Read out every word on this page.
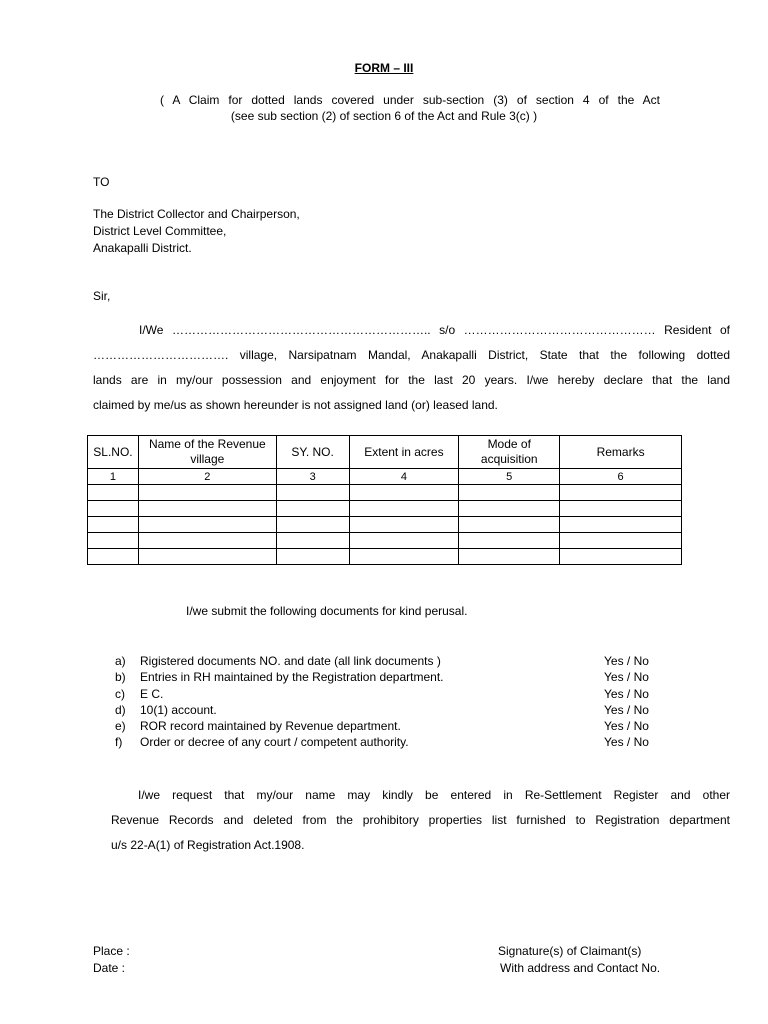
FORM – III
( A Claim for dotted lands covered under sub-section (3) of section 4 of the Act
(see sub section (2) of section 6 of the Act and Rule 3(c) )
TO
The District Collector and Chairperson,
District Level Committee,
Anakapalli District.
Sir,
I/We ……………………………………………………….. s/o ………………………………………… Resident of
……………………………. village, Narsipatnam Mandal, Anakapalli District, State that the following dotted
lands are in my/our possession and enjoyment for the last 20 years. I/we hereby declare that the land
claimed by me/us as shown hereunder is not assigned land (or) leased land.
SL.NO.	Name of the Revenue village	SY. NO.	Extent in acres	Mode of acquisition	Remarks
1	2	3	4	5	6

I/we submit the following documents for kind perusal.
a) Rigistered documents NO. and date (all link documents )	Yes / No
b) Entries in RH maintained by the Registration department.	Yes / No
c) E C.	Yes / No
d) 10(1) account.	Yes / No
e) ROR record maintained by Revenue department.	Yes / No
f) Order or decree of any court / competent authority.	Yes / No
I/we request that my/our name may kindly be entered in Re-Settlement Register and other
Revenue Records and deleted from the prohibitory properties list furnished to Registration department
u/s 22-A(1) of Registration Act.1908.
Place :
Date :
Signature(s) of Claimant(s)
With address and Contact No.
